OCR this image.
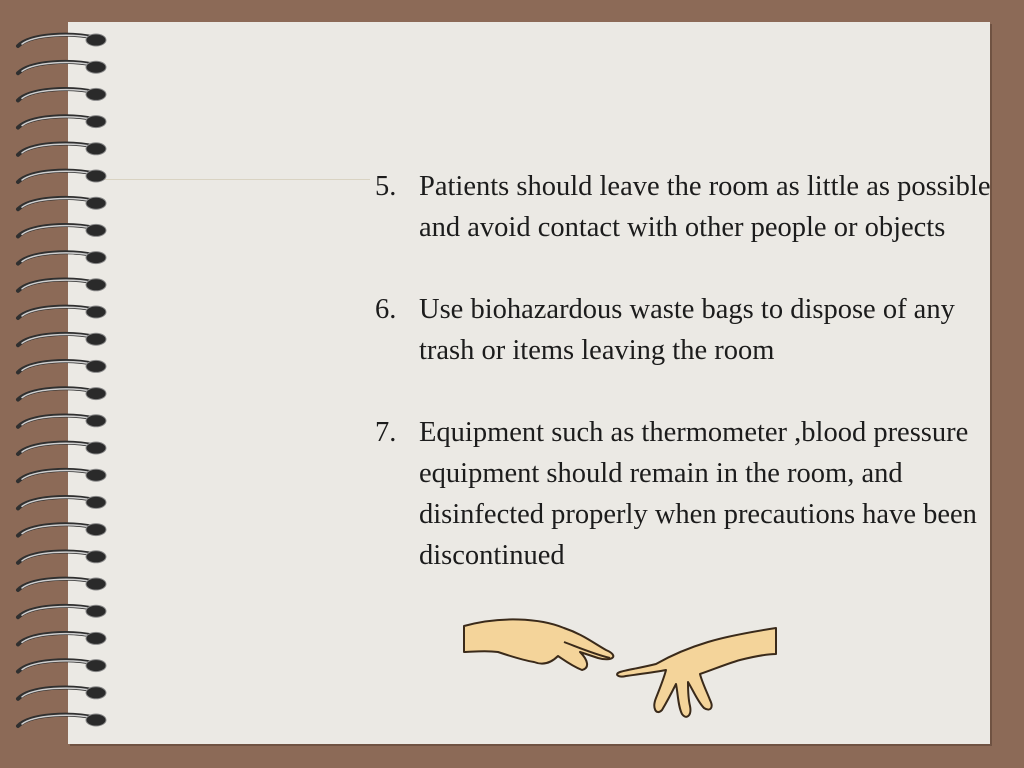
5. Patients should leave the room as little as possible and avoid contact with other people or objects
6. Use biohazardous waste bags to dispose of any trash or items leaving the room
7. Equipment such as thermometer ,blood pressure equipment should remain in the room, and disinfected properly when precautions have been discontinued
